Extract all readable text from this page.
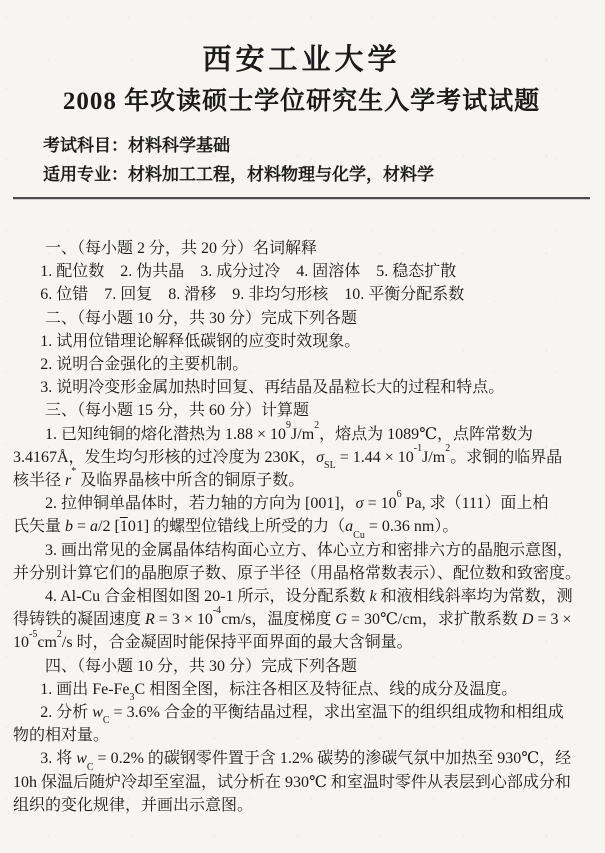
西安工业大学
2008 年攻读硕士学位研究生入学考试试题
考试科目：材料科学基础
适用专业：材料加工工程，材料物理与化学，材料学
一、（每小题 2 分，共 20 分）名词解释
1. 配位数　2. 伪共晶　3. 成分过冷　4. 固溶体　5. 稳态扩散
6. 位错　7. 回复　8. 滑移　9. 非均匀形核　10. 平衡分配系数
二、（每小题 10 分，共 30 分）完成下列各题
1. 试用位错理论解释低碳钢的应变时效现象。
2. 说明合金强化的主要机制。
3. 说明冷变形金属加热时回复、再结晶及晶粒长大的过程和特点。
三、（每小题 15 分，共 60 分）计算题
1. 已知纯铜的熔化潜热为 $1.88 \times 10^9J/m^2$，熔点为 1089℃，点阵常数为
3.4167Å，发生均匀形核的过冷度为 230K，$\sigma_{SL} = 1.44 \times 10^{-1}J/m^2$。求铜的临界晶
核半径 r* 及临界晶核中所含的铜原子数。
2. 拉伸铜单晶体时，若力轴的方向为 [001]，$\sigma = 10^6$ Pa, 求（111）面上柏
氏矢量 b = a/2 [101] 的螺型位错线上所受的力（$a_{Cu} = 0.36$ nm）。
3. 画出常见的金属晶体结构面心立方、体心立方和密排六方的晶胞示意图，
并分别计算它们的晶胞原子数、原子半径（用晶格常数表示）、配位数和致密度。
4. Al-Cu 合金相图如图 20-1 所示，设分配系数 k 和液相线斜率均为常数，测
得铸铁的凝固速度 $R = 3 \times 10^{-4}cm/s$，温度梯度 G = 30℃/cm，求扩散系数 D = 3 ×
$10^{-5}cm^2/s$ 时，合金凝固时能保持平面界面的最大含铜量。
四、（每小题 10 分，共 30 分）完成下列各题
1. 画出 $Fe-Fe_3C$ 相图全图，标注各相区及特征点、线的成分及温度。
2. 分析 $w_C = 3.6\%$ 合金的平衡结晶过程，求出室温下的组织组成物和相组成
物的相对量。
3. 将 $w_C = 0.2\%$ 的碳钢零件置于含 1.2% 碳势的渗碳气氛中加热至 930℃，经
10h 保温后随炉冷却至室温，试分析在 930℃ 和室温时零件从表层到心部成分和
组织的变化规律，并画出示意图。
